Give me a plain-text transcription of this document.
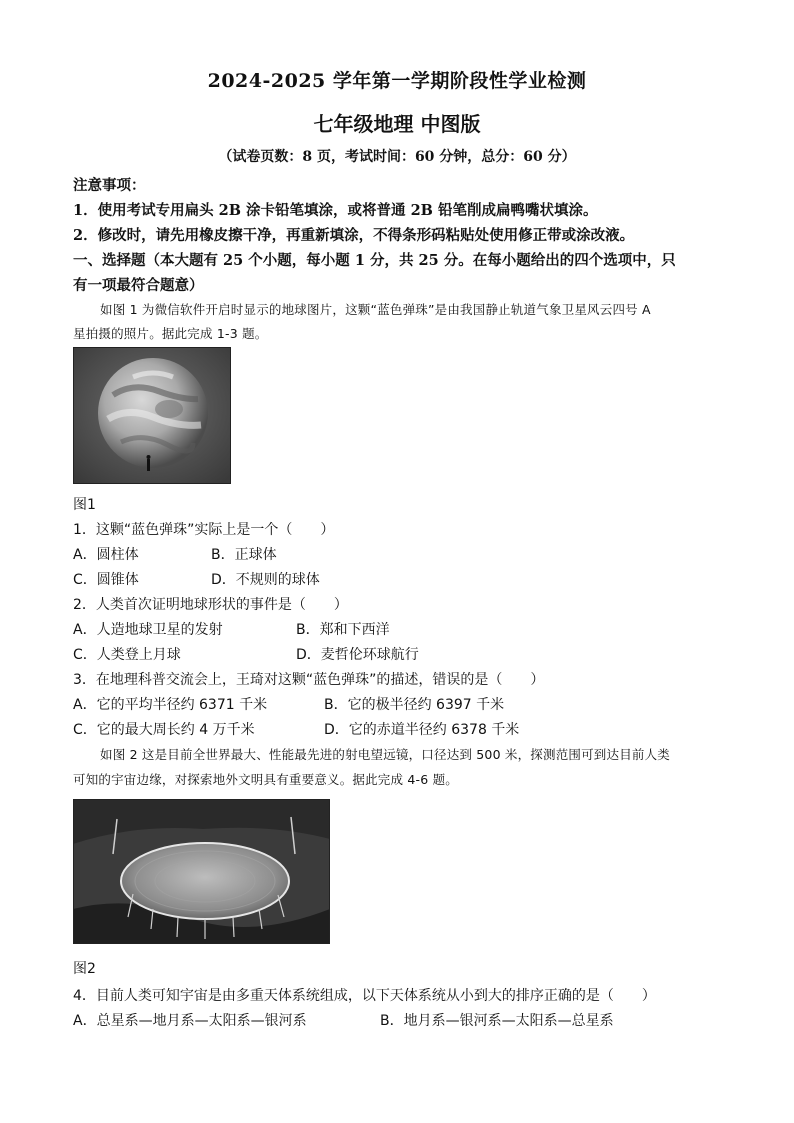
2024-2025 学年第一学期阶段性学业检测
七年级地理 中图版
（试卷页数：8 页，考试时间：60 分钟，总分：60 分）
注意事项：
1．使用考试专用扁头 2B 涂卡铅笔填涂，或将普通 2B 铅笔削成扁鸭嘴状填涂。
2．修改时，请先用橡皮擦干净，再重新填涂，不得条形码粘贴处使用修正带或涂改液。
一、选择题（本大题有 25 个小题，每小题 1 分，共 25 分。在每小题给出的四个选项中，只
有一项最符合题意）
如图 1 为微信软件开启时显示的地球图片，这颗“蓝色弹珠”是由我国静止轨道气象卫星风云四号 A
星拍摄的照片。据此完成 1-3 题。
图1
1．这颗“蓝色弹珠”实际上是一个（　　）
A．圆柱体	B．正球体
C．圆锥体	D．不规则的球体
2．人类首次证明地球形状的事件是（　　）
A．人造地球卫星的发射	B．郑和下西洋
C．人类登上月球	D．麦哲伦环球航行
3．在地理科普交流会上，王琦对这颗“蓝色弹珠”的描述，错误的是（　　）
A．它的平均半径约 6371 千米	B．它的极半径约 6397 千米
C．它的最大周长约 4 万千米	D．它的赤道半径约 6378 千米
如图 2 这是目前全世界最大、性能最先进的射电望远镜，口径达到 500 米，探测范围可到达目前人类
可知的宇宙边缘，对探索地外文明具有重要意义。据此完成 4-6 题。
图2
4．目前人类可知宇宙是由多重天体系统组成，以下天体系统从小到大的排序正确的是（　　）
A．总星系—地月系—太阳系—银河系	B．地月系—银河系—太阳系—总星系
